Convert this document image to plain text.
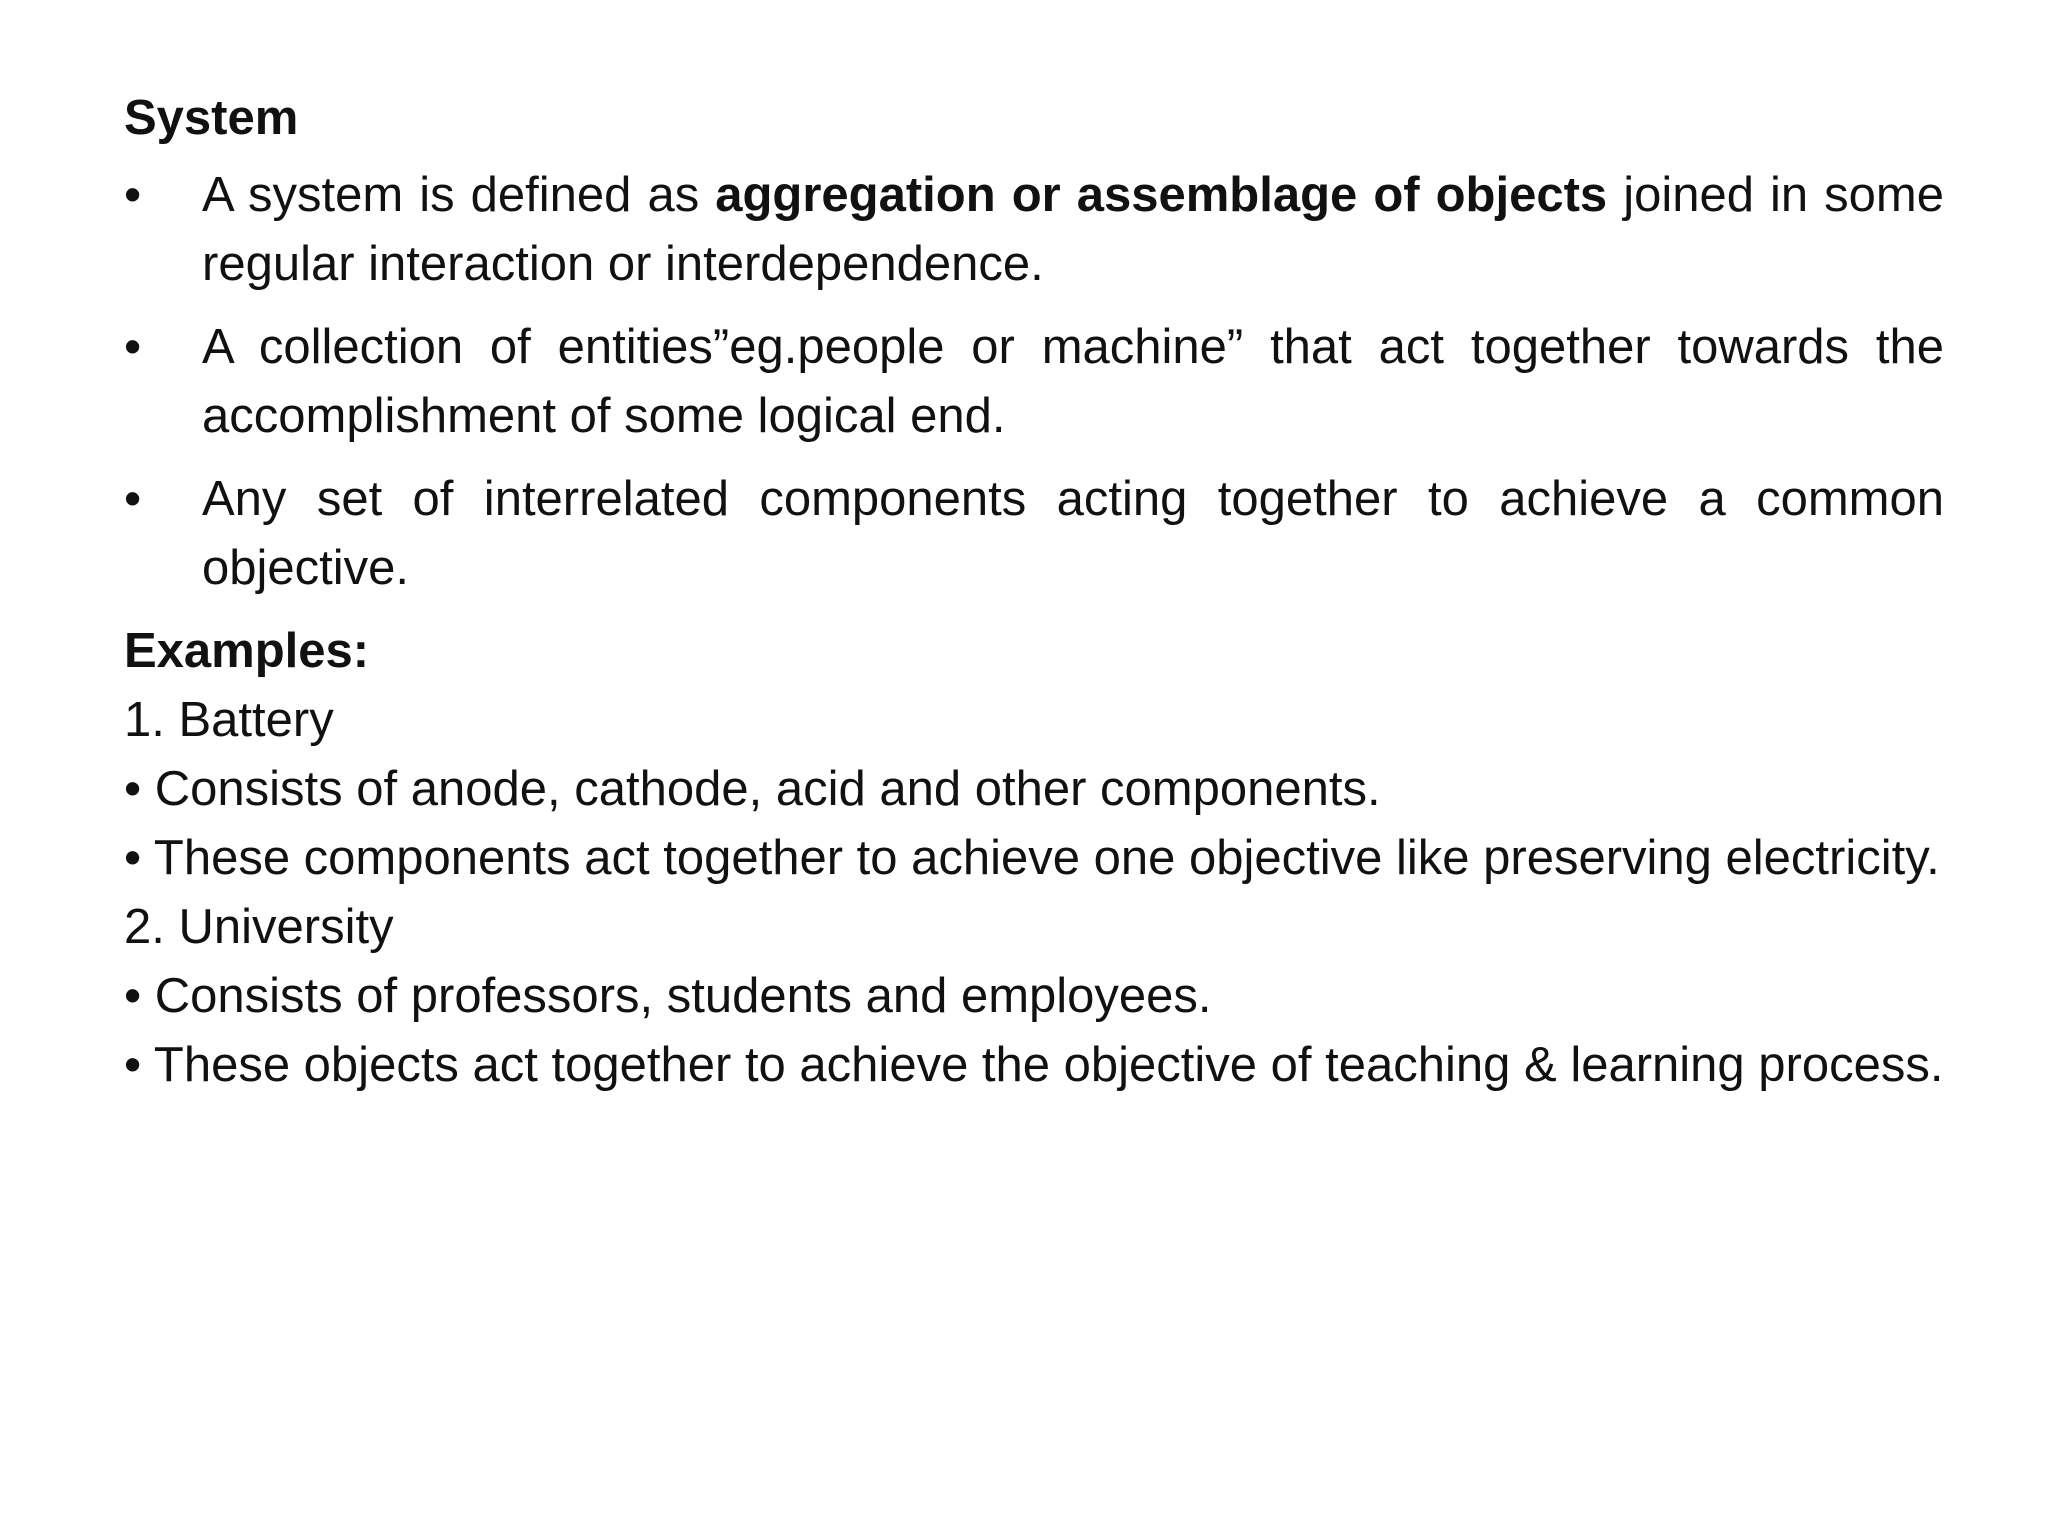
System
• A system is defined as aggregation or assemblage of objects joined in some regular interaction or interdependence.
• A collection of entities”eg.people or machine” that act together towards the accomplishment of some logical end.
• Any set of interrelated components acting together to achieve a common objective.
Examples:

1. Battery

• Consists of anode, cathode, acid and other components.

• These components act together to achieve one objective like preserving electricity.

2. University

• Consists of professors, students and employees.

• These objects act together to achieve the objective of teaching & learning process.
